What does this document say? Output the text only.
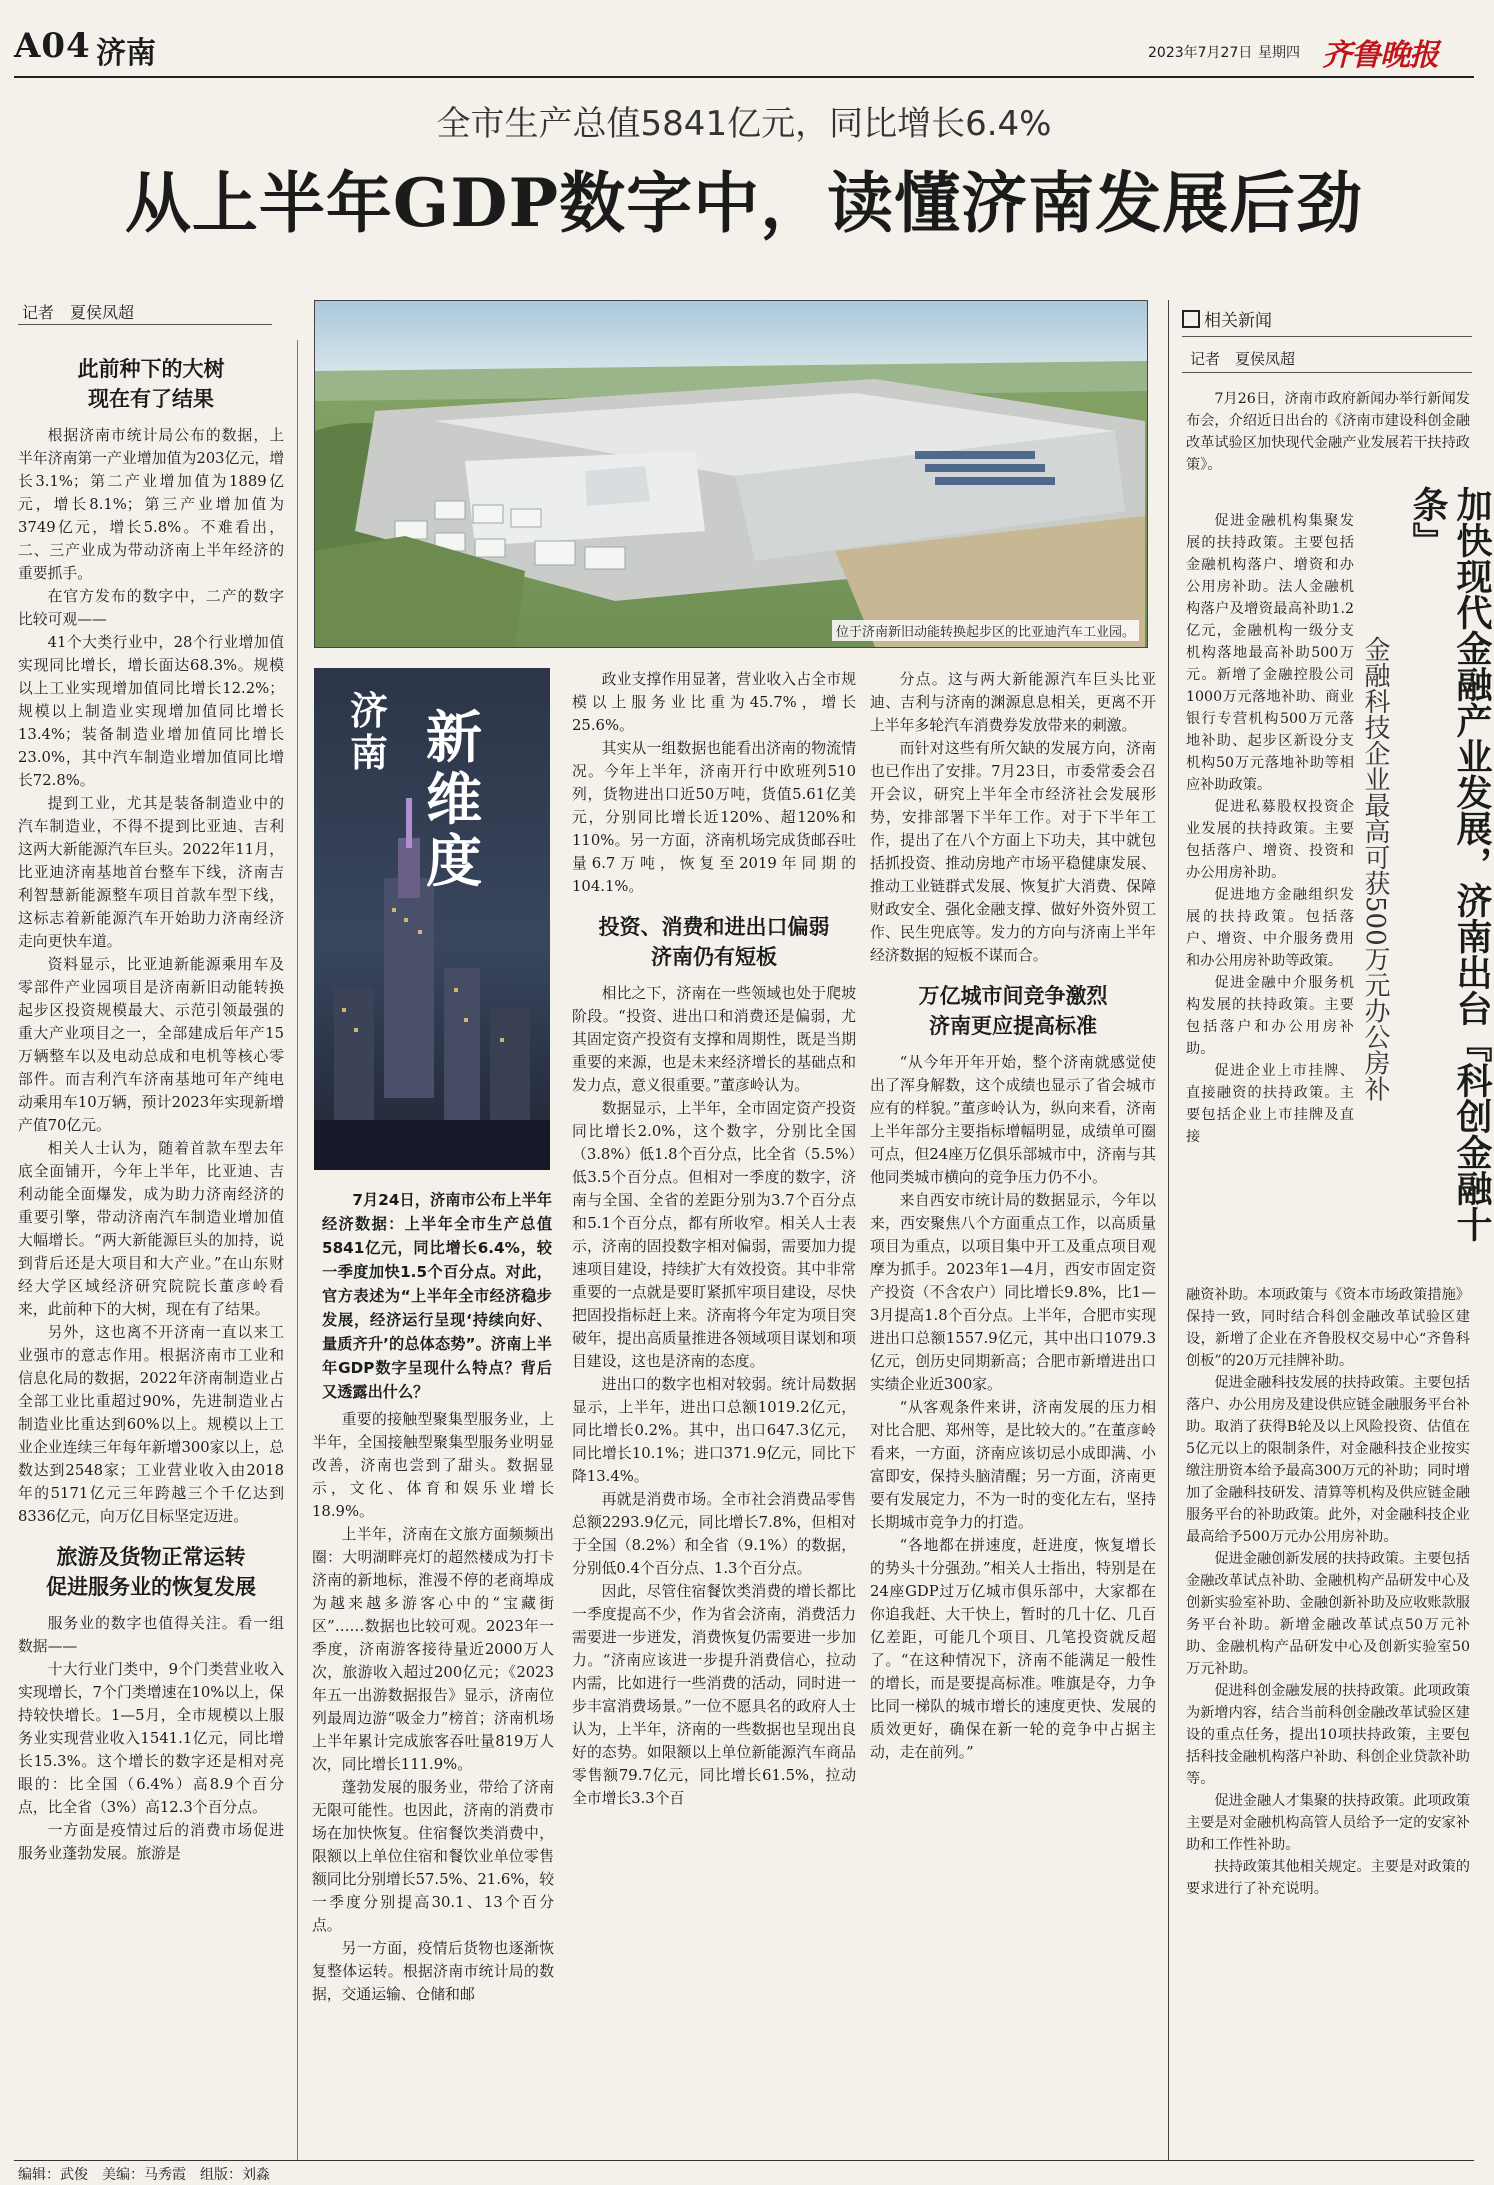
A04 济南	2023年7月27日 星期四 齐鲁晚报
全市生产总值5841亿元，同比增长6.4%
从上半年GDP数字中，读懂济南发展后劲
记者　夏侯凤超
位于济南新旧动能转换起步区的比亚迪汽车工业园。
济南 新维度

7月24日，济南市公布上半年经济数据：上半年全市生产总值5841亿元，同比增长6.4%，较一季度加快1.5个百分点。对此，官方表述为“上半年全市经济稳步发展，经济运行呈现‘持续向好、量质齐升’的总体态势”。济南上半年GDP数字呈现什么特点？背后又透露出什么？

此前种下的大树
现在有了结果

根据济南市统计局公布的数据，上半年济南第一产业增加值为203亿元，增长3.1%；第二产业增加值为1889亿元，增长8.1%；第三产业增加值为3749亿元，增长5.8%。不难看出，二、三产业成为带动济南上半年经济的重要抓手。

在官方发布的数字中，二产的数字比较可观——

41个大类行业中，28个行业增加值实现同比增长，增长面达68.3%。规模以上工业实现增加值同比增长12.2%；规模以上制造业实现增加值同比增长13.4%；装备制造业增加值同比增长23.0%，其中汽车制造业增加值同比增长72.8%。

提到工业，尤其是装备制造业中的汽车制造业，不得不提到比亚迪、吉利这两大新能源汽车巨头。2022年11月，比亚迪济南基地首台整车下线，济南吉利智慧新能源整车项目首款车型下线，这标志着新能源汽车开始助力济南经济走向更快车道。

资料显示，比亚迪新能源乘用车及零部件产业园项目是济南新旧动能转换起步区投资规模最大、示范引领最强的重大产业项目之一，全部建成后年产15万辆整车以及电动总成和电机等核心零部件。而吉利汽车济南基地可年产纯电动乘用车10万辆，预计2023年实现新增产值70亿元。

相关人士认为，随着首款车型去年底全面铺开，今年上半年，比亚迪、吉利动能全面爆发，成为助力济南经济的重要引擎，带动济南汽车制造业增加值大幅增长。“两大新能源巨头的加持，说到背后还是大项目和大产业。”在山东财经大学区域经济研究院院长董彦岭看来，此前种下的大树，现在有了结果。

另外，这也离不开济南一直以来工业强市的意志作用。根据济南市工业和信息化局的数据，2022年济南制造业占全部工业比重超过90%，先进制造业占制造业比重达到60%以上。规模以上工业企业连续三年每年新增300家以上，总数达到2548家；工业营业收入由2018年的5171亿元三年跨越三个千亿达到8336亿元，向万亿目标坚定迈进。

旅游及货物正常运转
促进服务业的恢复发展

服务业的数字也值得关注。看一组数据——

十大行业门类中，9个门类营业收入实现增长，7个门类增速在10%以上，保持较快增长。1—5月，全市规模以上服务业实现营业收入1541.1亿元，同比增长15.3%。这个增长的数字还是相对亮眼的：比全国（6.4%）高8.9个百分点，比全省（3%）高12.3个百分点。

一方面是疫情过后的消费市场促进服务业蓬勃发展。旅游是

重要的接触型聚集型服务业，上半年，全国接触型聚集型服务业明显改善，济南也尝到了甜头。数据显示，文化、体育和娱乐业增长18.9%。

上半年，济南在文旅方面频频出圈：大明湖畔亮灯的超然楼成为打卡济南的新地标，淮漫不停的老商埠成为越来越多游客心中的“宝藏街区”……数据也比较可观。2023年一季度，济南游客接待量近2000万人次，旅游收入超过200亿元；《2023年五一出游数据报告》显示，济南位列最周边游“吸金力”榜首；济南机场上半年累计完成旅客吞吐量819万人次，同比增长111.9%。

蓬勃发展的服务业，带给了济南无限可能性。也因此，济南的消费市场在加快恢复。住宿餐饮类消费中，限额以上单位住宿和餐饮业单位零售额同比分别增长57.5%、21.6%，较一季度分别提高30.1、13个百分点。

另一方面，疫情后货物也逐渐恢复整体运转。根据济南市统计局的数据，交通运输、仓储和邮

政业支撑作用显著，营业收入占全市规模以上服务业比重为45.7%，增长25.6%。

其实从一组数据也能看出济南的物流情况。今年上半年，济南开行中欧班列510列，货物进出口近50万吨，货值5.61亿美元，分别同比增长近120%、超120%和110%。另一方面，济南机场完成货邮吞吐量6.7万吨，恢复至2019年同期的104.1%。

投资、消费和进出口偏弱
济南仍有短板

相比之下，济南在一些领域也处于爬坡阶段。“投资、进出口和消费还是偏弱，尤其固定资产投资有支撑和周期性，既是当期重要的来源，也是未来经济增长的基础点和发力点，意义很重要。”董彦岭认为。

数据显示，上半年，全市固定资产投资同比增长2.0%，这个数字，分别比全国（3.8%）低1.8个百分点，比全省（5.5%）低3.5个百分点。但相对一季度的数字，济南与全国、全省的差距分别为3.7个百分点和5.1个百分点，都有所收窄。相关人士表示，济南的固投数字相对偏弱，需要加力提速项目建设，持续扩大有效投资。其中非常重要的一点就是要盯紧抓牢项目建设，尽快把固投指标赶上来。济南将今年定为项目突破年，提出高质量推进各领域项目谋划和项目建设，这也是济南的态度。

进出口的数字也相对较弱。统计局数据显示，上半年，进出口总额1019.2亿元，同比增长0.2%。其中，出口647.3亿元，同比增长10.1%；进口371.9亿元，同比下降13.4%。

再就是消费市场。全市社会消费品零售总额2293.9亿元，同比增长7.8%，但相对于全国（8.2%）和全省（9.1%）的数据，分别低0.4个百分点、1.3个百分点。

因此，尽管住宿餐饮类消费的增长都比一季度提高不少，作为省会济南，消费活力需要进一步迸发，消费恢复仍需要进一步加力。“济南应该进一步提升消费信心，拉动内需，比如进行一些消费的活动，同时进一步丰富消费场景。”一位不愿具名的政府人士认为，上半年，济南的一些数据也呈现出良好的态势。如限额以上单位新能源汽车商品零售额79.7亿元，同比增长61.5%，拉动全市增长3.3个百

分点。这与两大新能源汽车巨头比亚迪、吉利与济南的渊源息息相关，更离不开上半年多轮汽车消费券发放带来的刺激。

而针对这些有所欠缺的发展方向，济南也已作出了安排。7月23日，市委常委会召开会议，研究上半年全市经济社会发展形势，安排部署下半年工作。对于下半年工作，提出了在八个方面上下功夫，其中就包括抓投资、推动房地产市场平稳健康发展、推动工业链群式发展、恢复扩大消费、保障财政安全、强化金融支撑、做好外资外贸工作、民生兜底等。发力的方向与济南上半年经济数据的短板不谋而合。

万亿城市间竞争激烈
济南更应提高标准

“从今年开年开始，整个济南就感觉使出了浑身解数，这个成绩也显示了省会城市应有的样貌。”董彦岭认为，纵向来看，济南上半年部分主要指标增幅明显，成绩单可圈可点，但24座万亿俱乐部城市中，济南与其他同类城市横向的竞争压力仍不小。

来自西安市统计局的数据显示，今年以来，西安聚焦八个方面重点工作，以高质量项目为重点，以项目集中开工及重点项目观摩为抓手。2023年1—4月，西安市固定资产投资（不含农户）同比增长9.8%，比1—3月提高1.8个百分点。上半年，合肥市实现进出口总额1557.9亿元，其中出口1079.3亿元，创历史同期新高；合肥市新增进出口实绩企业近300家。

“从客观条件来讲，济南发展的压力相对比合肥、郑州等，是比较大的。”在董彦岭看来，一方面，济南应该切忌小成即满、小富即安，保持头脑清醒；另一方面，济南更要有发展定力，不为一时的变化左右，坚持长期城市竞争力的打造。

“各地都在拼速度，赶进度，恢复增长的势头十分强劲。”相关人士指出，特别是在24座GDP过万亿城市俱乐部中，大家都在你追我赶、大干快上，暂时的几十亿、几百亿差距，可能几个项目、几笔投资就反超了。“在这种情况下，济南不能满足一般性的增长，而是要提高标准。唯旗是夺，力争比同一梯队的城市增长的速度更快、发展的质效更好，确保在新一轮的竞争中占据主动，走在前列。”

相关新闻
记者　夏侯凤超

7月26日，济南市政府新闻办举行新闻发布会，介绍近日出台的《济南市建设科创金融改革试验区加快现代金融产业发展若干扶持政策》。

加快现代金融产业发展，济南出台『科创金融十条』
金融科技企业最高可获500万元办公房补

促进金融机构集聚发展的扶持政策。主要包括金融机构落户、增资和办公用房补助。法人金融机构落户及增资最高补助1.2亿元，金融机构一级分支机构落地最高补助500万元。新增了金融控股公司1000万元落地补助、商业银行专营机构500万元落地补助、起步区新设分支机构50万元落地补助等相应补助政策。

促进私募股权投资企业发展的扶持政策。主要包括落户、增资、投资和办公用房补助。

促进地方金融组织发展的扶持政策。包括落户、增资、中介服务费用和办公用房补助等政策。

促进金融中介服务机构发展的扶持政策。主要包括落户和办公用房补助。

促进企业上市挂牌、直接融资的扶持政策。主要包括企业上市挂牌及直接

融资补助。本项政策与《资本市场政策措施》保持一致，同时结合科创金融改革试验区建设，新增了企业在齐鲁股权交易中心“齐鲁科创板”的20万元挂牌补助。

促进金融科技发展的扶持政策。主要包括落户、办公用房及建设供应链金融服务平台补助。取消了获得B轮及以上风险投资、估值在5亿元以上的限制条件，对金融科技企业按实缴注册资本给予最高300万元的补助；同时增加了金融科技研发、清算等机构及供应链金融服务平台的补助政策。此外，对金融科技企业最高给予500万元办公用房补助。

促进金融创新发展的扶持政策。主要包括金融改革试点补助、金融机构产品研发中心及创新实验室补助、金融创新补助及应收账款服务平台补助。新增金融改革试点50万元补助、金融机构产品研发中心及创新实验室50万元补助。

促进科创金融发展的扶持政策。此项政策为新增内容，结合当前科创金融改革试验区建设的重点任务，提出10项扶持政策，主要包括科技金融机构落户补助、科创企业贷款补助等。

促进金融人才集聚的扶持政策。此项政策主要是对金融机构高管人员给予一定的安家补助和工作性补助。

扶持政策其他相关规定。主要是对政策的要求进行了补充说明。

编辑：武俊　美编：马秀霞　组版：刘淼
